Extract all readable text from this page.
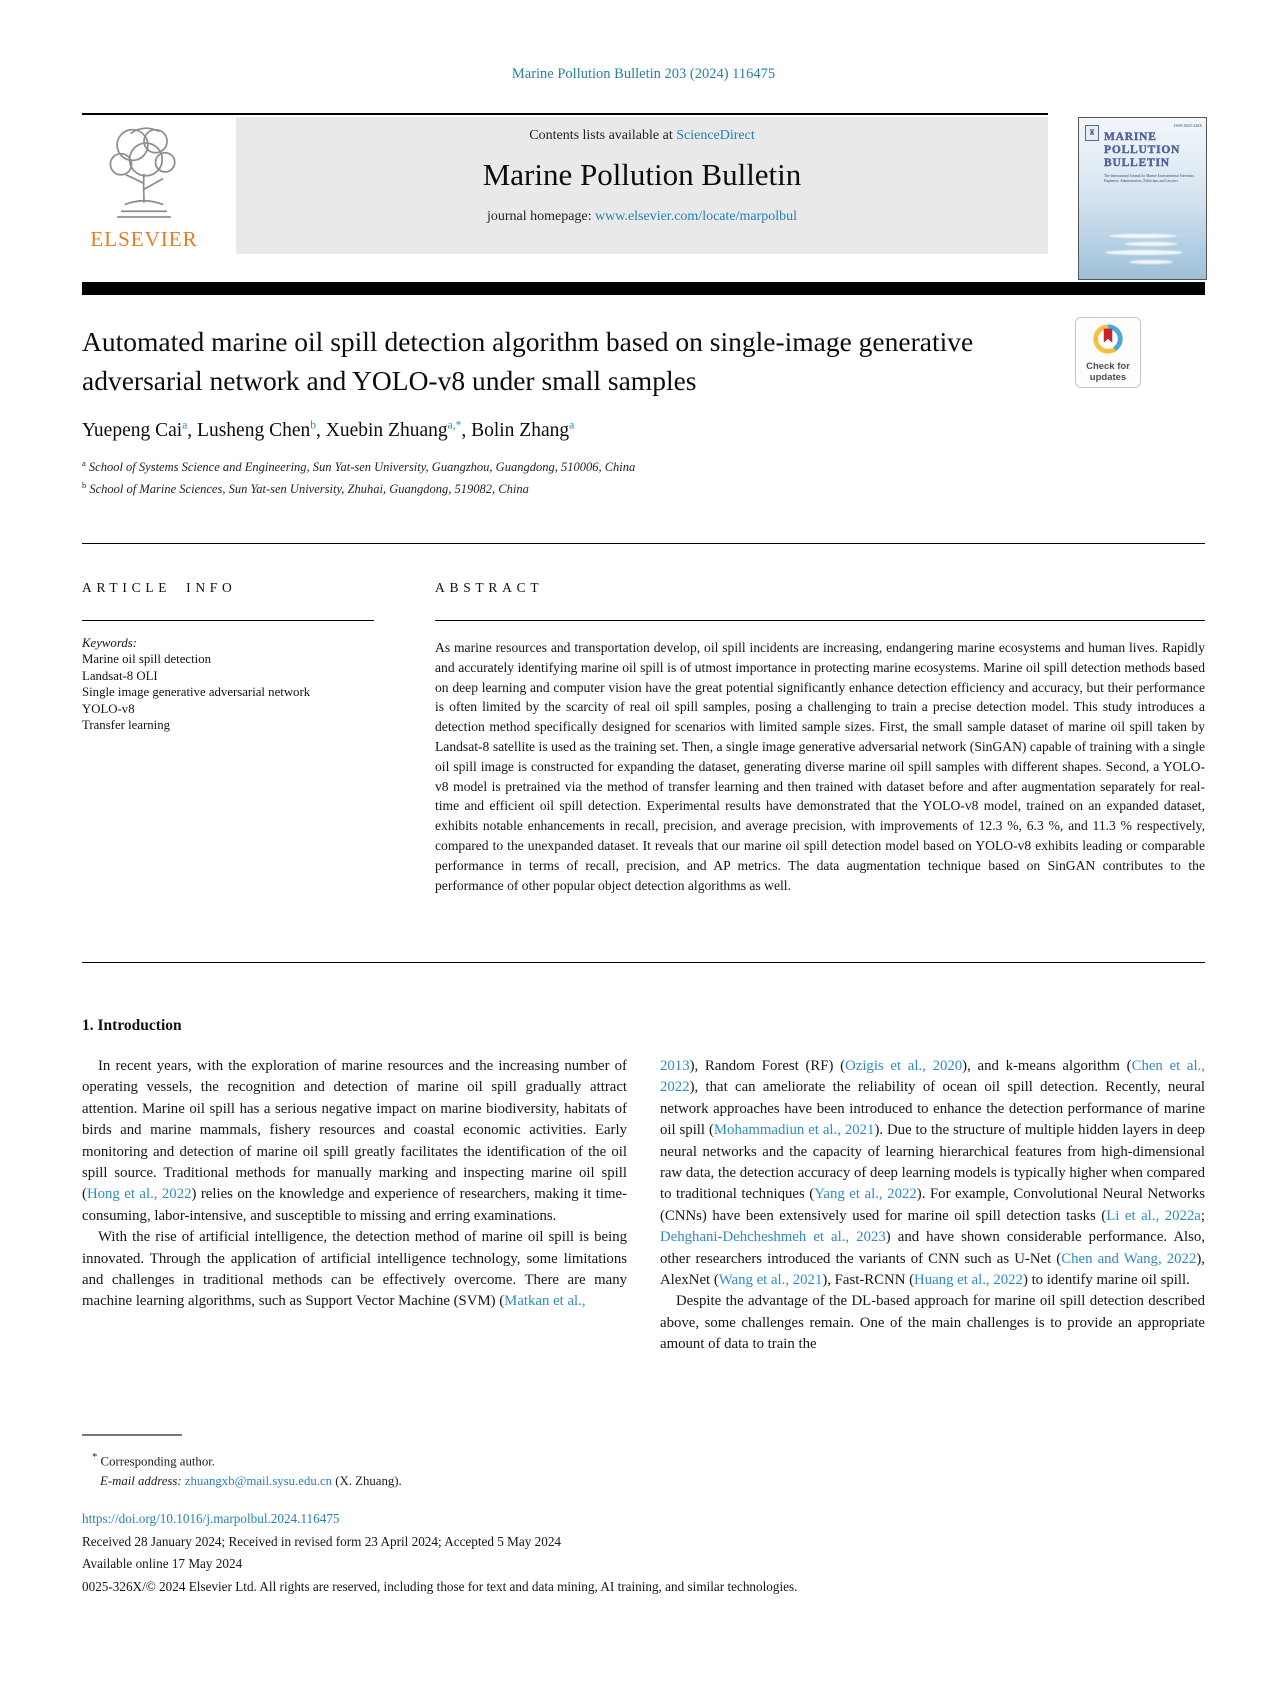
Marine Pollution Bulletin 203 (2024) 116475
ELSEVIER
Contents lists available at ScienceDirect
Marine Pollution Bulletin
journal homepage: www.elsevier.com/locate/marpolbul
♜
ISSN 0025-326X
MARINE
POLLUTION
BULLETIN
The International Journal for Marine Environmental Scientists, Engineers, Administrators, Politicians and Lawyers
Automated marine oil spill detection algorithm based on single-image generative adversarial network and YOLO-v8 under small samples	Check for
updates
Yuepeng Cai$^a$, Lusheng Chen$^b$, Xuebin Zhuang$^{a,*}$, Bolin Zhang$^a$
$^a$ School of Systems Science and Engineering, Sun Yat-sen University, Guangzhou, Guangdong, 510006, China
$^b$ School of Marine Sciences, Sun Yat-sen University, Zhuhai, Guangdong, 519082, China
ARTICLE INFO
Keywords:
Marine oil spill detection
Landsat-8 OLI
Single image generative adversarial network
YOLO-v8
Transfer learning
ABSTRACT
As marine resources and transportation develop, oil spill incidents are increasing, endangering marine ecosystems and human lives. Rapidly and accurately identifying marine oil spill is of utmost importance in protecting marine ecosystems. Marine oil spill detection methods based on deep learning and computer vision have the great potential significantly enhance detection efficiency and accuracy, but their performance is often limited by the scarcity of real oil spill samples, posing a challenging to train a precise detection model. This study introduces a detection method specifically designed for scenarios with limited sample sizes. First, the small sample dataset of marine oil spill taken by Landsat-8 satellite is used as the training set. Then, a single image generative adversarial network (SinGAN) capable of training with a single oil spill image is constructed for expanding the dataset, generating diverse marine oil spill samples with different shapes. Second, a YOLO-v8 model is pretrained via the method of transfer learning and then trained with dataset before and after augmentation separately for real-time and efficient oil spill detection. Experimental results have demonstrated that the YOLO-v8 model, trained on an expanded dataset, exhibits notable enhancements in recall, precision, and average precision, with improvements of 12.3 %, 6.3 %, and 11.3 % respectively, compared to the unexpanded dataset. It reveals that our marine oil spill detection model based on YOLO-v8 exhibits leading or comparable performance in terms of recall, precision, and AP metrics. The data augmentation technique based on SinGAN contributes to the performance of other popular object detection algorithms as well.
1. Introduction

In recent years, with the exploration of marine resources and the increasing number of operating vessels, the recognition and detection of marine oil spill gradually attract attention. Marine oil spill has a serious negative impact on marine biodiversity, habitats of birds and marine mammals, fishery resources and coastal economic activities. Early monitoring and detection of marine oil spill greatly facilitates the identification of the oil spill source. Traditional methods for manually marking and inspecting marine oil spill (Hong et al., 2022) relies on the knowledge and experience of researchers, making it time-consuming, labor-intensive, and susceptible to missing and erring examinations.

With the rise of artificial intelligence, the detection method of marine oil spill is being innovated. Through the application of artificial intelligence technology, some limitations and challenges in traditional methods can be effectively overcome. There are many machine learning algorithms, such as Support Vector Machine (SVM) (Matkan et al.,

2013), Random Forest (RF) (Ozigis et al., 2020), and k-means algorithm (Chen et al., 2022), that can ameliorate the reliability of ocean oil spill detection. Recently, neural network approaches have been introduced to enhance the detection performance of marine oil spill (Mohammadiun et al., 2021). Due to the structure of multiple hidden layers in deep neural networks and the capacity of learning hierarchical features from high-dimensional raw data, the detection accuracy of deep learning models is typically higher when compared to traditional techniques (Yang et al., 2022). For example, Convolutional Neural Networks (CNNs) have been extensively used for marine oil spill detection tasks (Li et al., 2022a; Dehghani-Dehcheshmeh et al., 2023) and have shown considerable performance. Also, other researchers introduced the variants of CNN such as U-Net (Chen and Wang, 2022), AlexNet (Wang et al., 2021), Fast-RCNN (Huang et al., 2022) to identify marine oil spill.

Despite the advantage of the DL-based approach for marine oil spill detection described above, some challenges remain. One of the main challenges is to provide an appropriate amount of data to train the

* Corresponding author.
E-mail address: zhuangxb@mail.sysu.edu.cn (X. Zhuang).
https://doi.org/10.1016/j.marpolbul.2024.116475
Received 28 January 2024; Received in revised form 23 April 2024; Accepted 5 May 2024
Available online 17 May 2024
0025-326X/© 2024 Elsevier Ltd. All rights are reserved, including those for text and data mining, AI training, and similar technologies.
